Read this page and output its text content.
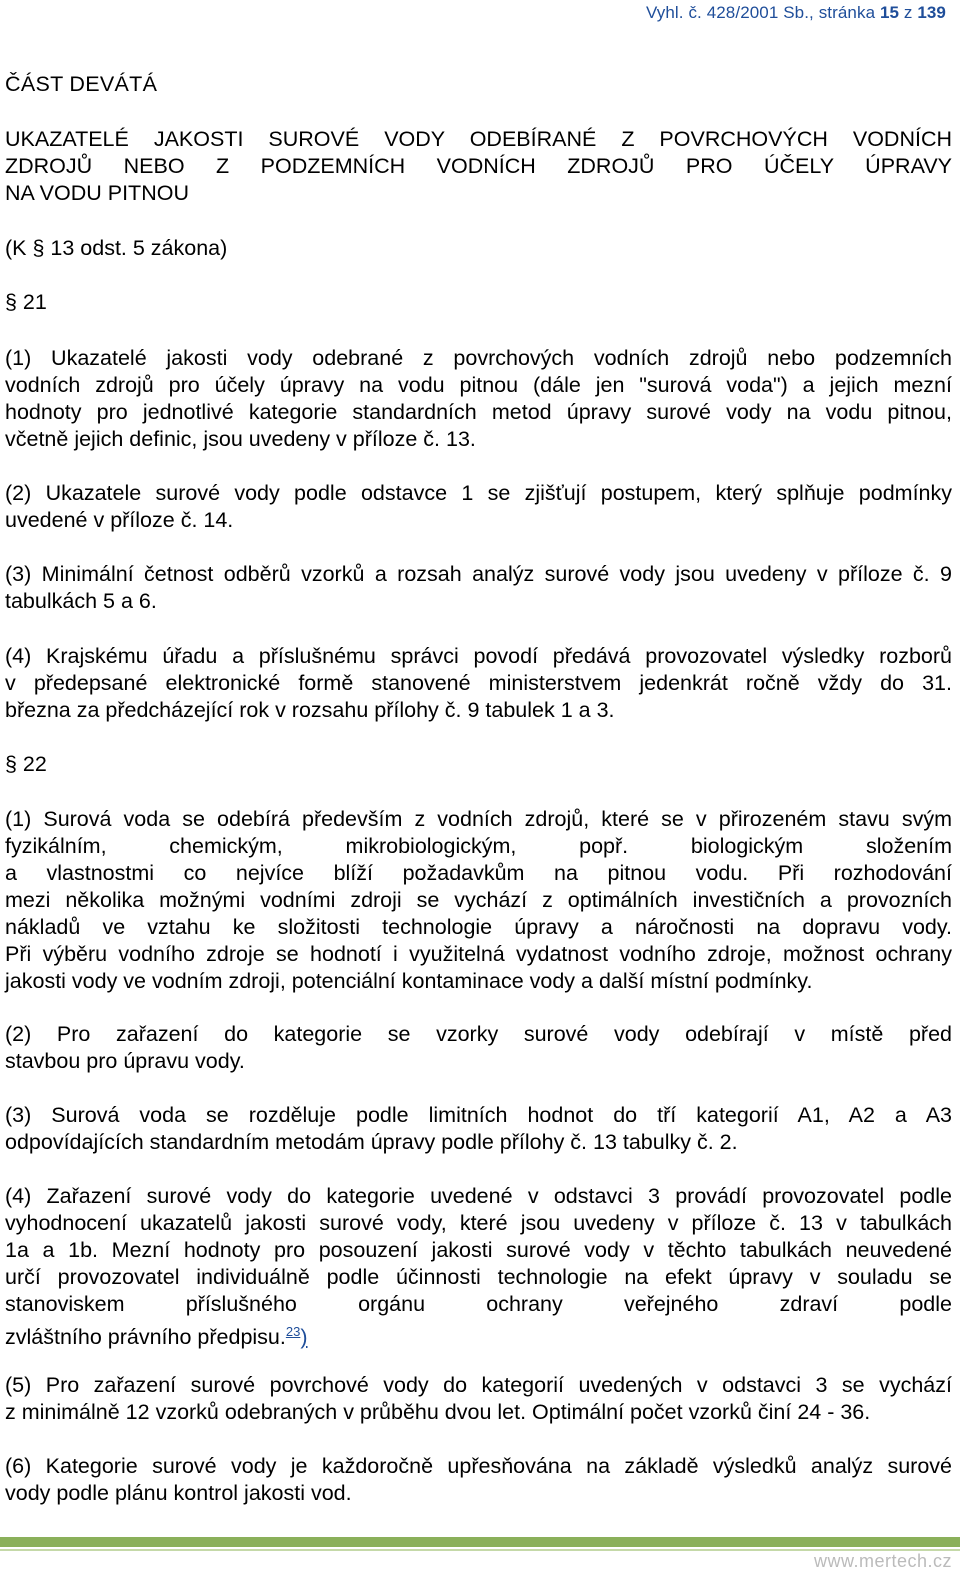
Vyhl. č. 428/2001 Sb., stránka 15 z 139
ČÁST DEVÁTÁ
UKAZATELÉ JAKOSTI SUROVÉ VODY ODEBÍRANÉ Z POVRCHOVÝCH VODNÍCH
ZDROJŮ NEBO Z PODZEMNÍCH VODNÍCH ZDROJŮ PRO ÚČELY ÚPRAVY
NA VODU PITNOU
(K § 13 odst. 5 zákona)
§ 21
(1) Ukazatelé jakosti vody odebrané z povrchových vodních zdrojů nebo podzemních
vodních zdrojů pro účely úpravy na vodu pitnou (dále jen "surová voda") a jejich mezní
hodnoty pro jednotlivé kategorie standardních metod úpravy surové vody na vodu pitnou,
včetně jejich definic, jsou uvedeny v příloze č. 13.
(2) Ukazatele surové vody podle odstavce 1 se zjišťují postupem, který splňuje podmínky
uvedené v příloze č. 14.
(3) Minimální četnost odběrů vzorků a rozsah analýz surové vody jsou uvedeny v příloze č. 9
tabulkách 5 a 6.
(4) Krajskému úřadu a příslušnému správci povodí předává provozovatel výsledky rozborů
v předepsané elektronické formě stanovené ministerstvem jedenkrát ročně vždy do 31.
března za předcházející rok v rozsahu přílohy č. 9 tabulek 1 a 3.
§ 22
(1) Surová voda se odebírá především z vodních zdrojů, které se v přirozeném stavu svým
fyzikálním, chemickým, mikrobiologickým, popř. biologickým složením
a vlastnostmi co nejvíce blíží požadavkům na pitnou vodu. Při rozhodování
mezi několika možnými vodními zdroji se vychází z optimálních investičních a provozních
nákladů ve vztahu ke složitosti technologie úpravy a náročnosti na dopravu vody.
Při výběru vodního zdroje se hodnotí i využitelná vydatnost vodního zdroje, možnost ochrany
jakosti vody ve vodním zdroji, potenciální kontaminace vody a další místní podmínky.
(2) Pro zařazení do kategorie se vzorky surové vody odebírají v místě před
stavbou pro úpravu vody.
(3) Surová voda se rozděluje podle limitních hodnot do tří kategorií A1, A2 a A3
odpovídajících standardním metodám úpravy podle přílohy č. 13 tabulky č. 2.
(4) Zařazení surové vody do kategorie uvedené v odstavci 3 provádí provozovatel podle
vyhodnocení ukazatelů jakosti surové vody, které jsou uvedeny v příloze č. 13 v tabulkách
1a a 1b. Mezní hodnoty pro posouzení jakosti surové vody v těchto tabulkách neuvedené
určí provozovatel individuálně podle účinnosti technologie na efekt úpravy v souladu se
stanoviskem příslušného orgánu ochrany veřejného zdraví podle
zvláštního právního předpisu.$^{23}$)
(5) Pro zařazení surové povrchové vody do kategorií uvedených v odstavci 3 se vychází
z minimálně 12 vzorků odebraných v průběhu dvou let. Optimální počet vzorků činí 24 - 36.
(6) Kategorie surové vody je každoročně upřesňována na základě výsledků analýz surové
vody podle plánu kontrol jakosti vod.
www.mertech.cz
